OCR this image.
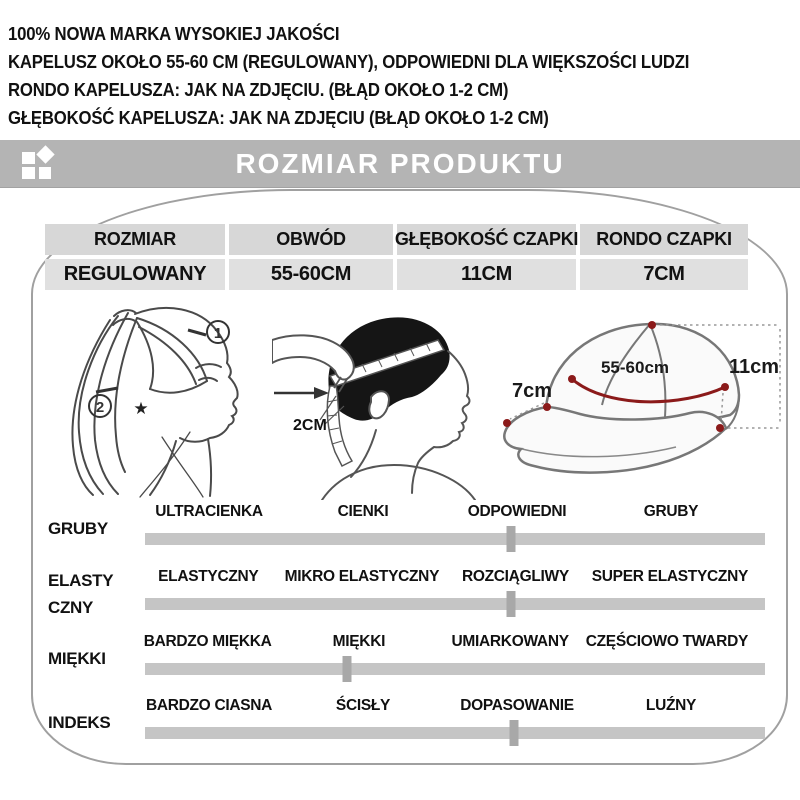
100% NOWA MARKA WYSOKIEJ JAKOŚCI
KAPELUSZ OKOŁO 55-60 CM (REGULOWANY), ODPOWIEDNI DLA WIĘKSZOŚCI LUDZI
RONDO KAPELUSZA: JAK NA ZDJĘCIU. (BŁĄD OKOŁO 1-2 CM)
GŁĘBOKOŚĆ KAPELUSZA: JAK NA ZDJĘCIU (BŁĄD OKOŁO 1-2 CM)
ROZMIAR PRODUKTU
ROZMIAR	OBWÓD	GŁĘBOKOŚĆ CZAPKI	RONDO CZAPKI
REGULOWANY	55-60CM	11CM	7CM
1
2 ★
2CM
55-60cm	11cm
7cm
GRUBY
ULTRACIENKA	CIENKI	ODPOWIEDNI	GRUBY
ELASTYCZNY
ELASTYCZNY	MIKRO ELASTYCZNY	ROZCIĄGLIWY	SUPER ELASTYCZNY
MIĘKKI
BARDZO MIĘKKA	MIĘKKI	UMIARKOWANY	CZĘŚCIOWO TWARDY
INDEKS
BARDZO CIASNA	ŚCISŁY	DOPASOWANIE	LUŹNY
